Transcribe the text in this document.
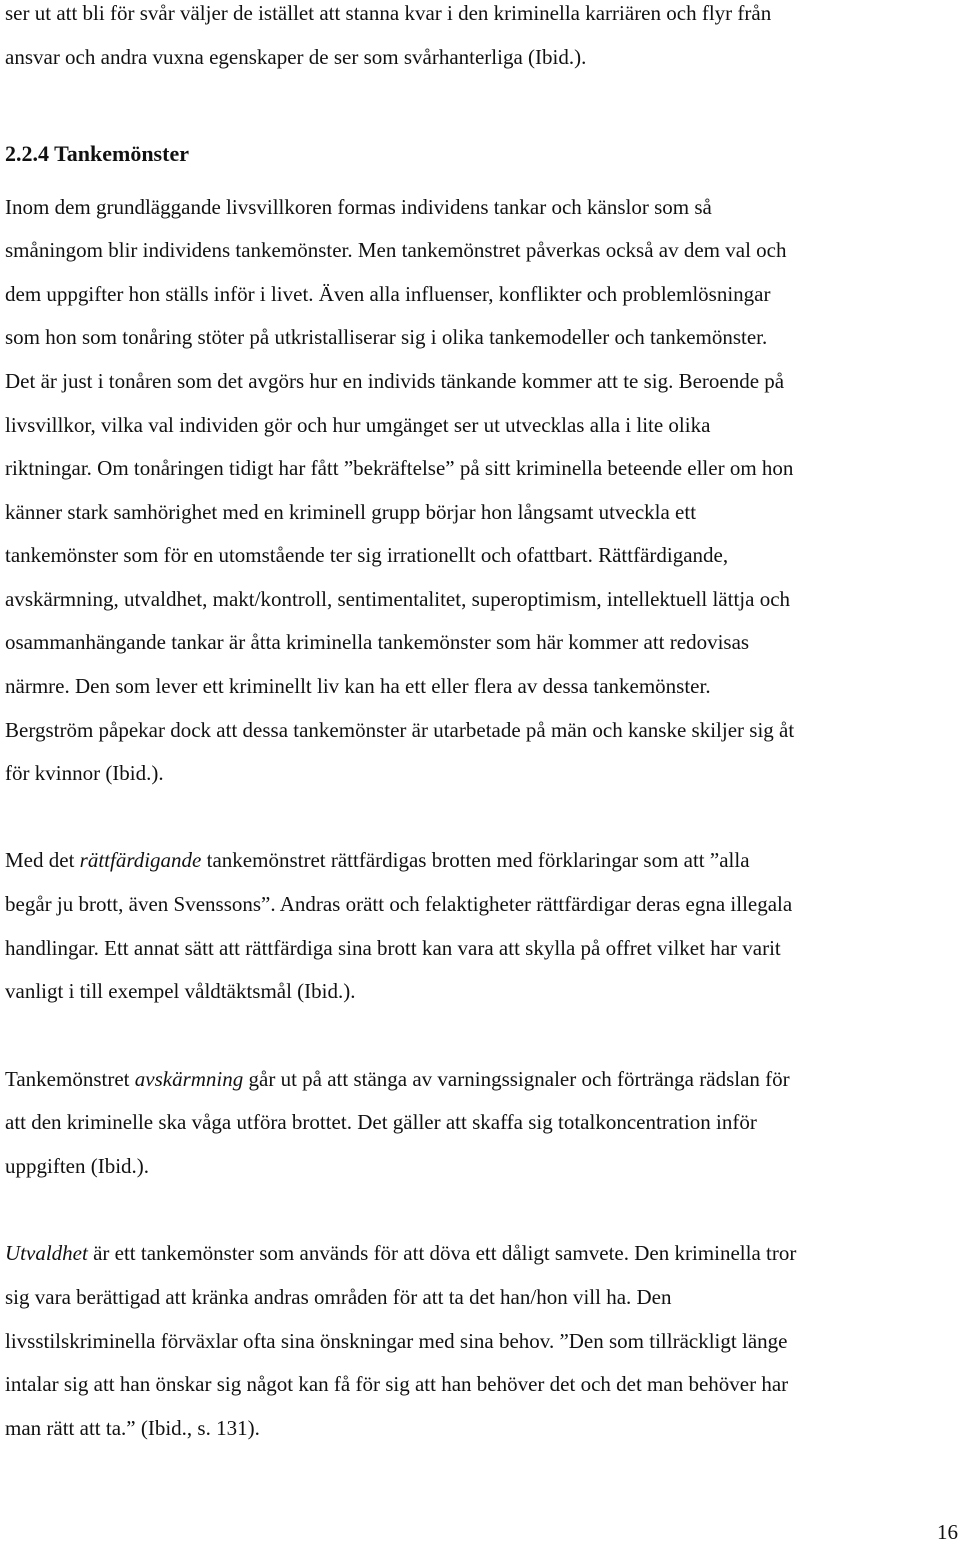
ser ut att bli för svår väljer de istället att stanna kvar i den kriminella karriären och flyr från
ansvar och andra vuxna egenskaper de ser som svårhanterliga (Ibid.).
2.2.4 Tankemönster
Inom dem grundläggande livsvillkoren formas individens tankar och känslor som så
småningom blir individens tankemönster. Men tankemönstret påverkas också av dem val och
dem uppgifter hon ställs inför i livet. Även alla influenser, konflikter och problemlösningar
som hon som tonåring stöter på utkristalliserar sig i olika tankemodeller och tankemönster.
Det är just i tonåren som det avgörs hur en individs tänkande kommer att te sig. Beroende på
livsvillkor, vilka val individen gör och hur umgänget ser ut utvecklas alla i lite olika
riktningar. Om tonåringen tidigt har fått ”bekräftelse” på sitt kriminella beteende eller om hon
känner stark samhörighet med en kriminell grupp börjar hon långsamt utveckla ett
tankemönster som för en utomstående ter sig irrationellt och ofattbart. Rättfärdigande,
avskärmning, utvaldhet, makt/kontroll, sentimentalitet, superoptimism, intellektuell lättja och
osammanhängande tankar är åtta kriminella tankemönster som här kommer att redovisas
närmre. Den som lever ett kriminellt liv kan ha ett eller flera av dessa tankemönster.
Bergström påpekar dock att dessa tankemönster är utarbetade på män och kanske skiljer sig åt
för kvinnor (Ibid.).
Med det rättfärdigande tankemönstret rättfärdigas brotten med förklaringar som att ”alla
begår ju brott, även Svenssons”. Andras orätt och felaktigheter rättfärdigar deras egna illegala
handlingar. Ett annat sätt att rättfärdiga sina brott kan vara att skylla på offret vilket har varit
vanligt i till exempel våldtäktsmål (Ibid.).
Tankemönstret avskärmning går ut på att stänga av varningssignaler och förtränga rädslan för
att den kriminelle ska våga utföra brottet. Det gäller att skaffa sig totalkoncentration inför
uppgiften (Ibid.).
Utvaldhet är ett tankemönster som används för att döva ett dåligt samvete. Den kriminella tror
sig vara berättigad att kränka andras områden för att ta det han/hon vill ha. Den
livsstilskriminella förväxlar ofta sina önskningar med sina behov. ”Den som tillräckligt länge
intalar sig att han önskar sig något kan få för sig att han behöver det och det man behöver har
man rätt att ta.” (Ibid., s. 131).
16
